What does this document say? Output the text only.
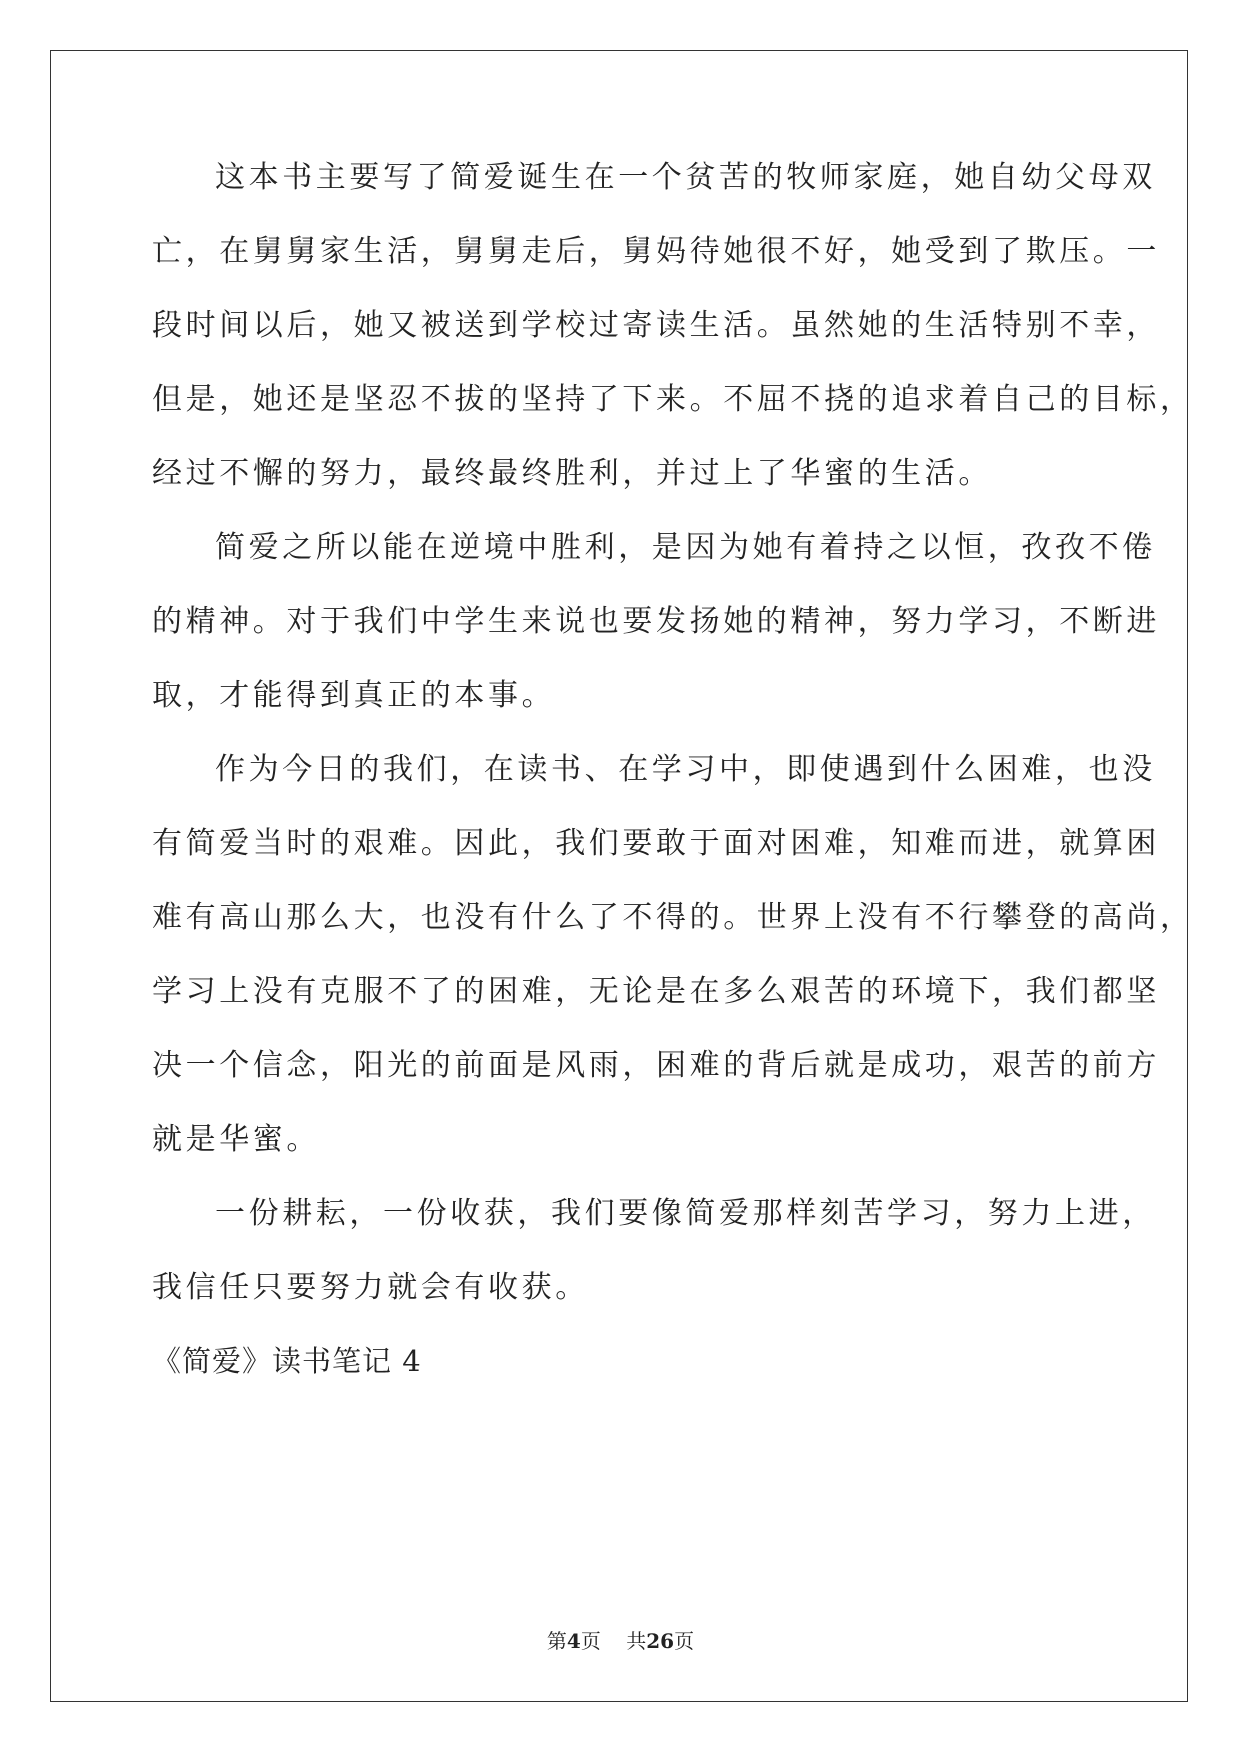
这本书主要写了简爱诞生在一个贫苦的牧师家庭，她自幼父母双
亡，在舅舅家生活，舅舅走后，舅妈待她很不好，她受到了欺压。一
段时间以后，她又被送到学校过寄读生活。虽然她的生活特别不幸，
但是，她还是坚忍不拔的坚持了下来。不屈不挠的追求着自己的目标，
经过不懈的努力，最终最终胜利，并过上了华蜜的生活。
简爱之所以能在逆境中胜利，是因为她有着持之以恒，孜孜不倦
的精神。对于我们中学生来说也要发扬她的精神，努力学习，不断进
取，才能得到真正的本事。
作为今日的我们，在读书、在学习中，即使遇到什么困难，也没
有简爱当时的艰难。因此，我们要敢于面对困难，知难而进，就算困
难有高山那么大，也没有什么了不得的。世界上没有不行攀登的高尚，
学习上没有克服不了的困难，无论是在多么艰苦的环境下，我们都坚
决一个信念，阳光的前面是风雨，困难的背后就是成功，艰苦的前方
就是华蜜。
一份耕耘，一份收获，我们要像简爱那样刻苦学习，努力上进，
我信任只要努力就会有收获。
《简爱》读书笔记 4
第4页 共26页
